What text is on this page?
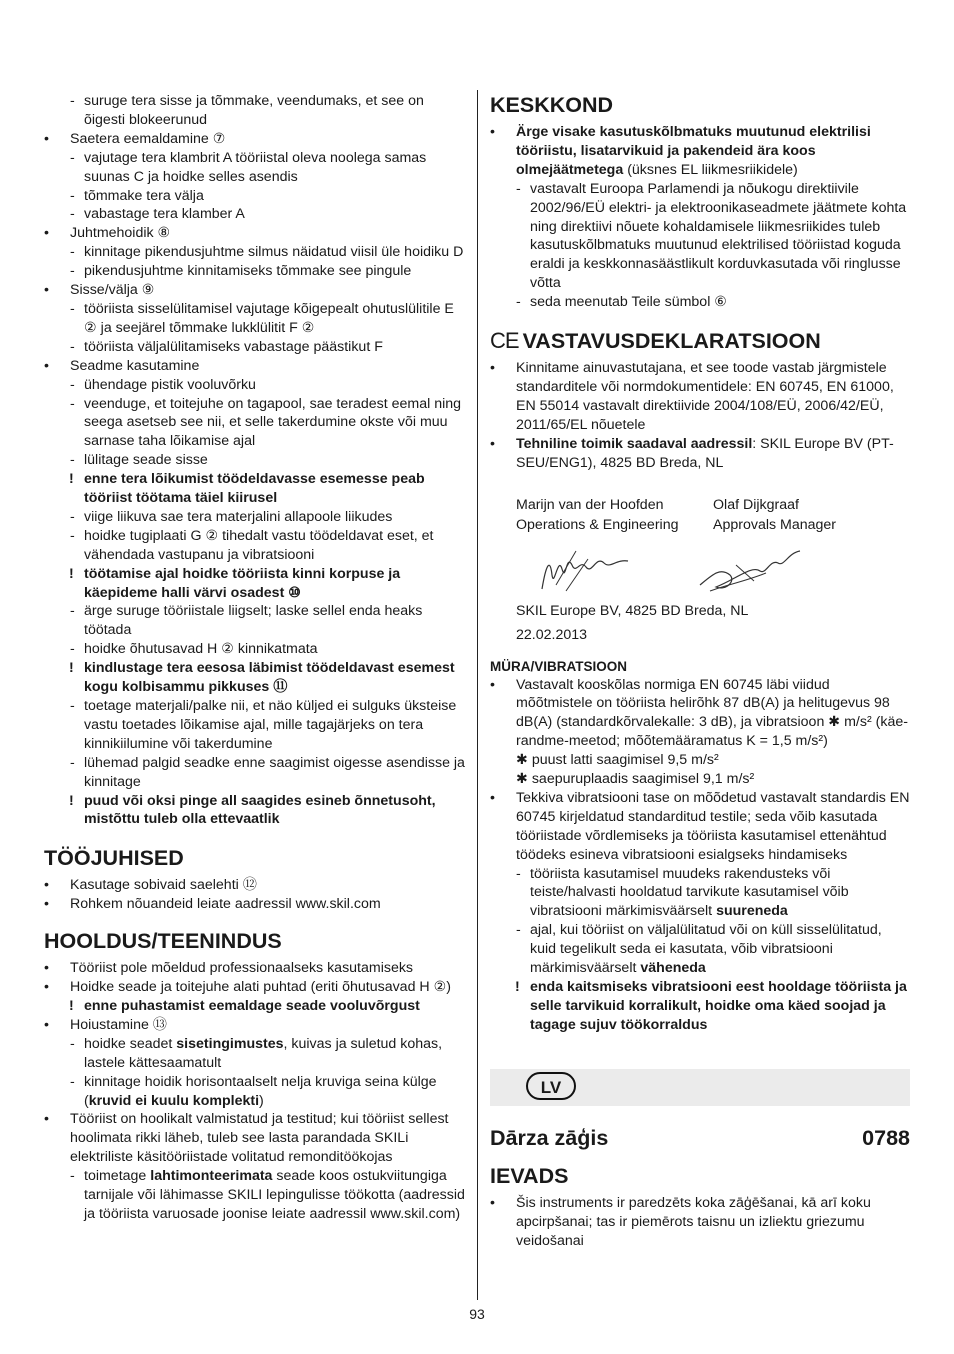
- suruge tera sisse ja tõmmake, veendumaks, et see on õigesti blokeerunud
• Saetera eemaldamine ⑦
- vajutage tera klambrit A tööriistal oleva noolega samas suunas C ja hoidke selles asendis
- tõmmake tera välja
- vabastage tera klamber A
• Juhtmehoidik ⑧
- kinnitage pikendusjuhtme silmus näidatud viisil üle hoidiku D
- pikendusjuhtme kinnitamiseks tõmmake see pingule
• Sisse/välja ⑨
- tööriista sisselülitamisel vajutage kõigepealt ohutuslülitile E ② ja seejärel tõmmake lukklülitit F ②
- tööriista väljalülitamiseks vabastage päästikut F
• Seadme kasutamine
- ühendage pistik vooluvõrku
- veenduge, et toitejuhe on tagapool, sae teradest eemal ning seega asetseb see nii, et selle takerdumine okste või muu sarnase taha lõikamise ajal
- lülitage seade sisse
! enne tera lõikumist töödeldavasse esemesse peab tööriist töötama täiel kiirusel
- viige liikuva sae tera materjalini allapoole liikudes
- hoidke tugiplaati G ② tihedalt vastu töödeldavat eset, et vähendada vastupanu ja vibratsiooni
! töötamise ajal hoidke tööriista kinni korpuse ja käepideme halli värvi osadest ⑩
- ärge suruge tööriistale liigselt; laske sellel enda heaks töötada
- hoidke õhutusavad H ② kinnikatmata
! kindlustage tera eesosa läbimist töödeldavast esemest kogu kolbisammu pikkuses ⑪
- toetage materjali/palke nii, et näo küljed ei sulguks üksteise vastu toetades lõikamise ajal, mille tagajärjeks on tera kinnikiilumine või takerdumine
- lühemad palgid seadke enne saagimist oigesse asendisse ja kinnitage
! puud või oksi pinge all saagides esineb õnnetusoht, mistõttu tuleb olla ettevaatlik
TÖÖJUHISED
• Kasutage sobivaid saelehti ⑫
• Rohkem nõuandeid leiate aadressil www.skil.com
HOOLDUS/TEENINDUS
• Tööriist pole mõeldud professionaalseks kasutamiseks
• Hoidke seade ja toitejuhe alati puhtad (eriti õhutusavad H ②)
! enne puhastamist eemaldage seade vooluvõrgust
• Hoiustamine ⑬
- hoidke seadet sisetingimustes, kuivas ja suletud kohas, lastele kättesaamatult
- kinnitage hoidik horisontaalselt nelja kruviga seina külge (kruvid ei kuulu komplekti)
• Tööriist on hoolikalt valmistatud ja testitud; kui tööriist sellest hoolimata rikki läheb, tuleb see lasta parandada SKILi elektriliste käsitööriistade volitatud remonditöökojas
- toimetage lahtimonteerimata seade koos ostukviitungiga tarnijale või lähimasse SKILI lepingulisse töökotta (aadressid ja tööriista varuosade joonise leiate aadressil www.skil.com)
KESKKOND
• Ärge visake kasutuskõlbmatuks muutunud elektrilisi tööriistu, lisatarvikuid ja pakendeid ära koos olmejäätmetega (üksnes EL liikmesriikidele)
- vastavalt Euroopa Parlamendi ja nõukogu direktiivile 2002/96/EÜ elektri- ja elektroonikaseadmete jäätmete kohta ning direktiivi nõuete kohaldamisele liikmesriikides tuleb kasutuskõlbmatuks muutunud elektrilised tööriistad koguda eraldi ja keskkonnasäästlikult korduvkasutada või ringlusse võtta
- seda meenutab Teile sümbol ⑥
CE VASTAVUSDEKLARATSIOON
• Kinnitame ainuvastutajana, et see toode vastab järgmistele standarditele või normdokumentidele: EN 60745, EN 61000, EN 55014 vastavalt direktiivide 2004/108/EÜ, 2006/42/EÜ, 2011/65/EL nõuetele
• Tehniline toimik saadaval aadressil: SKIL Europe BV (PT-SEU/ENG1), 4825 BD Breda, NL
Marijn van der Hoofden
Operations & Engineering
Olaf Dijkgraaf
Approvals Manager
SKIL Europe BV, 4825 BD Breda, NL
22.02.2013
MÜRA/VIBRATSIOON
• Vastavalt kooskõlas normiga EN 60745 läbi viidud mõõtmistele on tööriista helirõhk 87 dB(A) ja helitugevus 98 dB(A) (standardkõrvalekalle: 3 dB), ja vibratsioon ✱ m/s² (käe-randme-meetod; mõõtemääramatus K = 1,5 m/s²)
✱ puust latti saagimisel 9,5 m/s²
✱ saepuruplaadis saagimisel 9,1 m/s²
• Tekkiva vibratsiooni tase on mõõdetud vastavalt standardis EN 60745 kirjeldatud standarditud testile; seda võib kasutada tööriistade võrdlemiseks ja tööriista kasutamisel ettenähtud töödeks esineva vibratsiooni esialgseks hindamiseks
- tööriista kasutamisel muudeks rakendusteks või teiste/halvasti hooldatud tarvikute kasutamisel võib vibratsiooni märkimisväärselt suureneda
- ajal, kui tööriist on väljalülitatud või on küll sisselülitatud, kuid tegelikult seda ei kasutata, võib vibratsiooni märkimisväärselt väheneda
! enda kaitsmiseks vibratsiooni eest hooldage tööriista ja selle tarvikuid korralikult, hoidke oma käed soojad ja tagage sujuv töökorraldus
LV
Dārza zāģis	0788
IEVADS
• Šis instruments ir paredzēts koka zāģēšanai, kā arī koku apcirpšanai; tas ir piemērots taisnu un izliektu griezumu veidošanai
93
